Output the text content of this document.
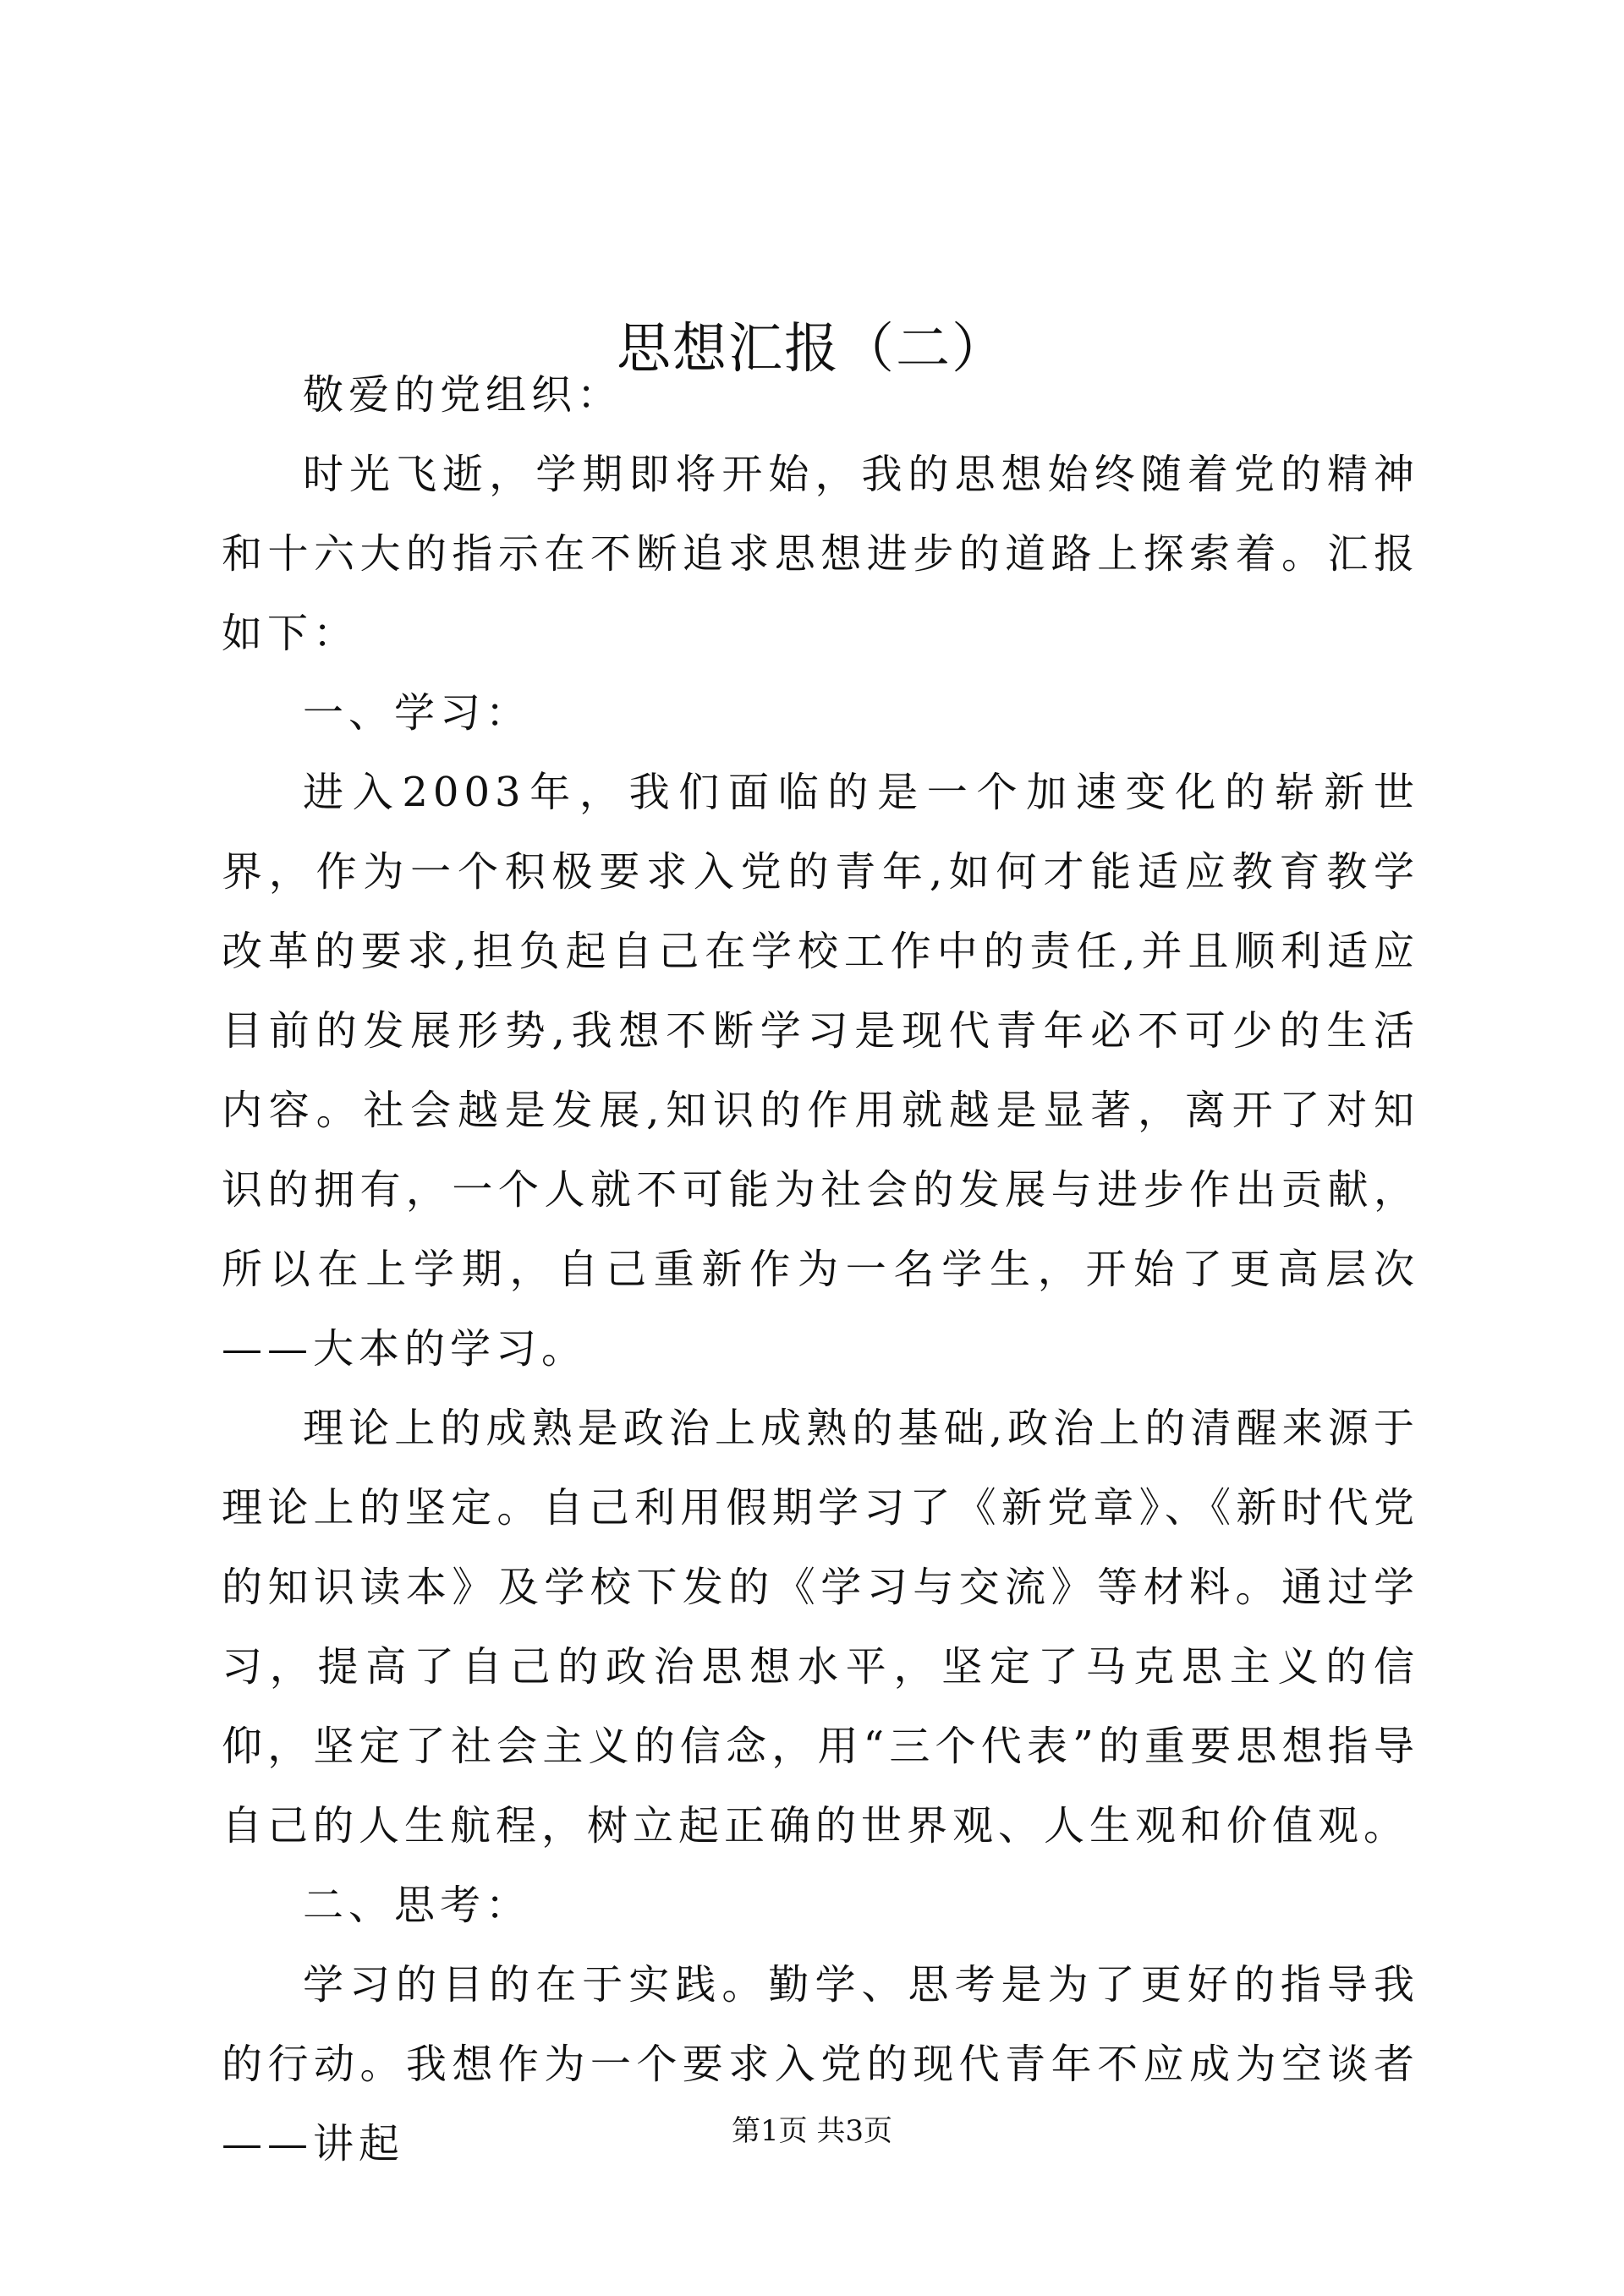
思想汇报（二）

敬爱的党组织：

时光飞逝，学期即将开始，我的思想始终随着党的精神和十六大的指示在不断追求思想进步的道路上探索着。汇报如下：

一、学习：

进入2003年，我们面临的是一个加速变化的崭新世界，作为一个积极要求入党的青年,如何才能适应教育教学改革的要求,担负起自己在学校工作中的责任,并且顺利适应目前的发展形势,我想不断学习是现代青年必不可少的生活内容。社会越是发展,知识的作用就越是显著，离开了对知识的拥有，一个人就不可能为社会的发展与进步作出贡献，所以在上学期，自己重新作为一名学生，开始了更高层次——大本的学习。

理论上的成熟是政治上成熟的基础,政治上的清醒来源于理论上的坚定。自己利用假期学习了《新党章》、《新时代党的知识读本》及学校下发的《学习与交流》等材料。通过学习，提高了自己的政治思想水平，坚定了马克思主义的信仰，坚定了社会主义的信念，用“三个代表”的重要思想指导自己的人生航程，树立起正确的世界观、人生观和价值观。

二、思考：

学习的目的在于实践。勤学、思考是为了更好的指导我的行动。我想作为一个要求入党的现代青年不应成为空谈者——讲起	第1页 共3页
